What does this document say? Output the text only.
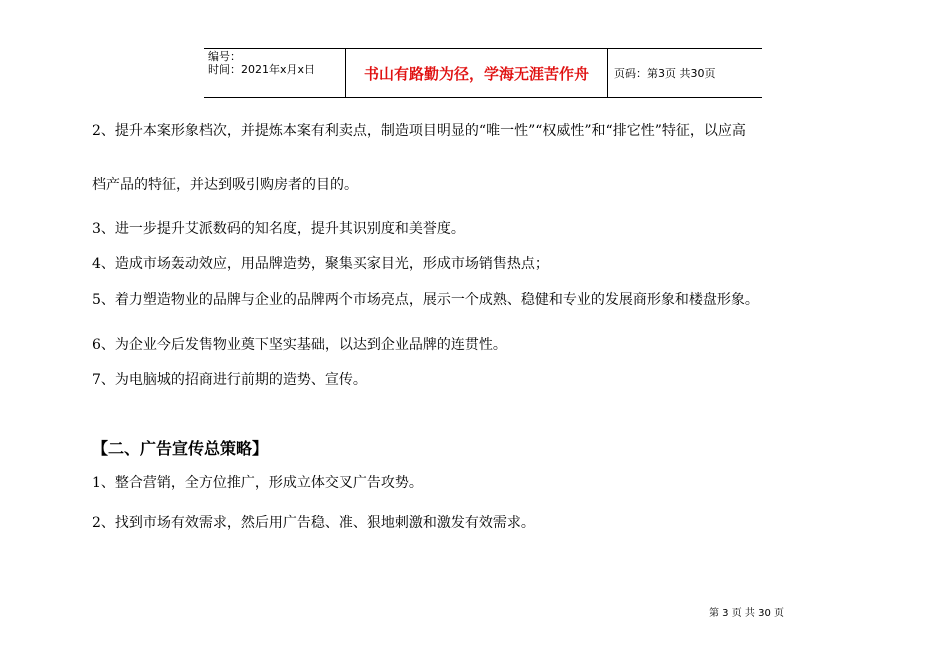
编号：
时间：2021年x月x日	书山有路勤为径，学海无涯苦作舟	页码：第3页 共30页
2、提升本案形象档次，并提炼本案有利卖点，制造项目明显的“唯一性”“权威性”和“排它性”特征，以应高
档产品的特征，并达到吸引购房者的目的。
3、进一步提升艾派数码的知名度，提升其识别度和美誉度。
4、造成市场轰动效应，用品牌造势，聚集买家目光，形成市场销售热点；
5、着力塑造物业的品牌与企业的品牌两个市场亮点，展示一个成熟、稳健和专业的发展商形象和楼盘形象。
6、为企业今后发售物业奠下坚实基础，以达到企业品牌的连贯性。
7、为电脑城的招商进行前期的造势、宣传。
【二、广告宣传总策略】
1、整合营销，全方位推广，形成立体交叉广告攻势。
2、找到市场有效需求，然后用广告稳、准、狠地刺激和激发有效需求。
第 3 页 共 30 页
